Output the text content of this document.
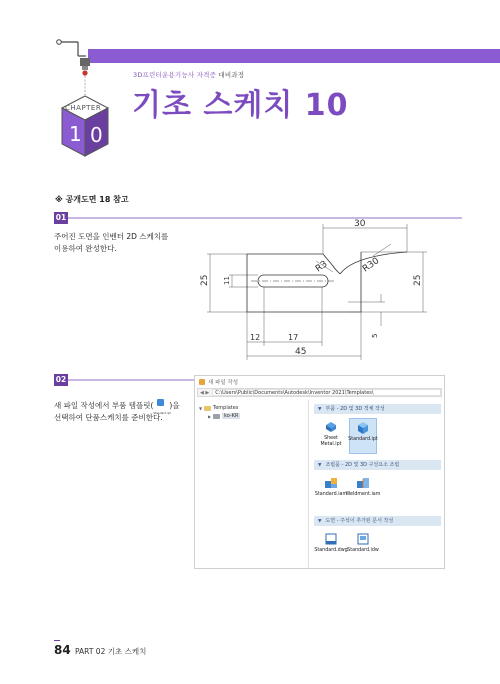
1 0
CHAPTER
3D프린터운용기능사 자격증 대비과정
기초 스케치 10
※ 공개도면 18 참고
01
주어진 도면을 인벤터 2D 스케치를
이용하여 완성한다.
30
R3	R30
25 11	25
5
12	17
45
02
새 파일 작성에서 부품 템플릿(
Standard.ipt
)을
선택하여 단품스케치를 준비한다.
새 파일 작성
◀ ▶	C:\Users\Public\Documents\Autodesk\Inventor 2021\Templates\
▼	Templates
▶	ko-KR
▼ 부품 - 2D 및 3D 객체 작성
Sheet Metal.ipt
Standard.ipt
▼ 조립품 - 2D 및 3D 구성요소 조립
Standard.iam
Weldment.iam
▼ 도면 - 주석이 추가된 문서 작성
Standard.dwg Standard.idw
84 PART 02 기초 스케치
